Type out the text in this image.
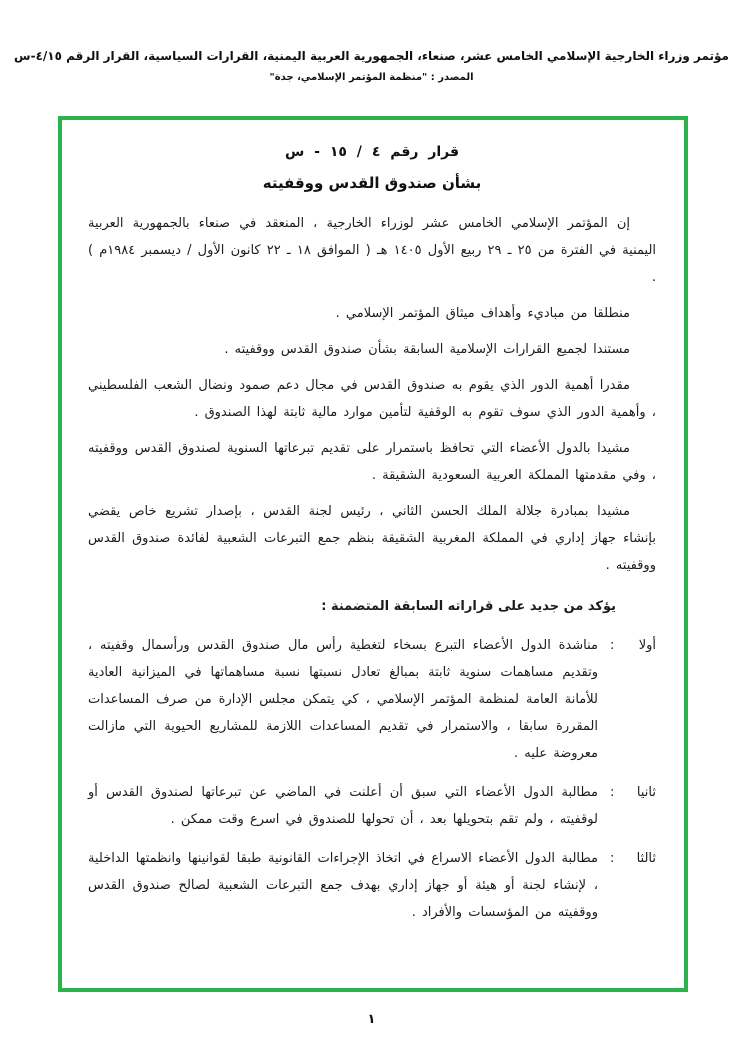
مؤتمر وزراء الخارجية الإسلامي الخامس عشر، صنعاء، الجمهورية العربية اليمنية، القرارات السياسية، القرار الرقم ٤/١٥-س
المصدر : "منظمة المؤتمر الإسلامي، جدة"
قرار رقم ٤ / ١٥ - س
بشأن صندوق القدس ووقفيته

إن المؤتمر الإسلامي الخامس عشر لوزراء الخارجية ، المنعقد في صنعاء بالجمهورية العربية اليمنية في الفترة من ٢٥ ـ ٢٩ ربيع الأول ١٤٠٥ هـ ( الموافق ١٨ ـ ٢٢ كانون الأول / ديسمبر ١٩٨٤م ) .

منطلقا من مباديء وأهداف ميثاق المؤتمر الإسلامي .

مستندا لجميع القرارات الإسلامية السابقة بشأن صندوق القدس ووقفيته .

مقدرا أهمية الدور الذي يقوم به صندوق القدس في مجال دعم صمود ونضال الشعب الفلسطيني ، وأهمية الدور الذي سوف تقوم به الوقفية لتأمين موارد مالية ثابتة لهذا الصندوق .

مشيدا بالدول الأعضاء التي تحافظ باستمرار على تقديم تبرعاتها السنوية لصندوق القدس ووقفيته ، وفي مقدمتها المملكة العربية السعودية الشقيقة .

مشيدا بمبادرة جلالة الملك الحسن الثاني ، رئيس لجنة القدس ، بإصدار تشريع خاص يقضي بإنشاء جهاز إداري في المملكة المغربية الشقيقة بنظم جمع التبرعات الشعبية لفائدة صندوق القدس ووقفيته .

يؤكد من جديد على قراراته السابقة المتضمنة :

أولا
:
مناشدة الدول الأعضاء التبرع بسخاء لتغطية رأس مال صندوق القدس ورأسمال وقفيته ، وتقديم مساهمات سنوية ثابتة بمبالغ تعادل نسبتها نسبة مساهماتها في الميزانية العادية للأمانة العامة لمنظمة المؤتمر الإسلامي ، كي يتمكن مجلس الإدارة من صرف المساعدات المقررة سابقا ، والاستمرار في تقديم المساعدات اللازمة للمشاريع الحيوية التي مازالت معروضة عليه .
ثانيا
:
مطالبة الدول الأعضاء التي سبق أن أعلنت في الماضي عن تبرعاتها لصندوق القدس أو لوقفيته ، ولم تقم بتحويلها بعد ، أن تحولها للصندوق في اسرع وقت ممكن .
ثالثا
:
مطالبة الدول الأعضاء الاسراع في اتخاذ الإجراءات القانونية طبقا لقوانينها وانظمتها الداخلية ، لإنشاء لجنة أو هيئة أو جهاز إداري بهدف جمع التبرعات الشعبية لصالح صندوق القدس ووقفيته من المؤسسات والأفراد .
١
